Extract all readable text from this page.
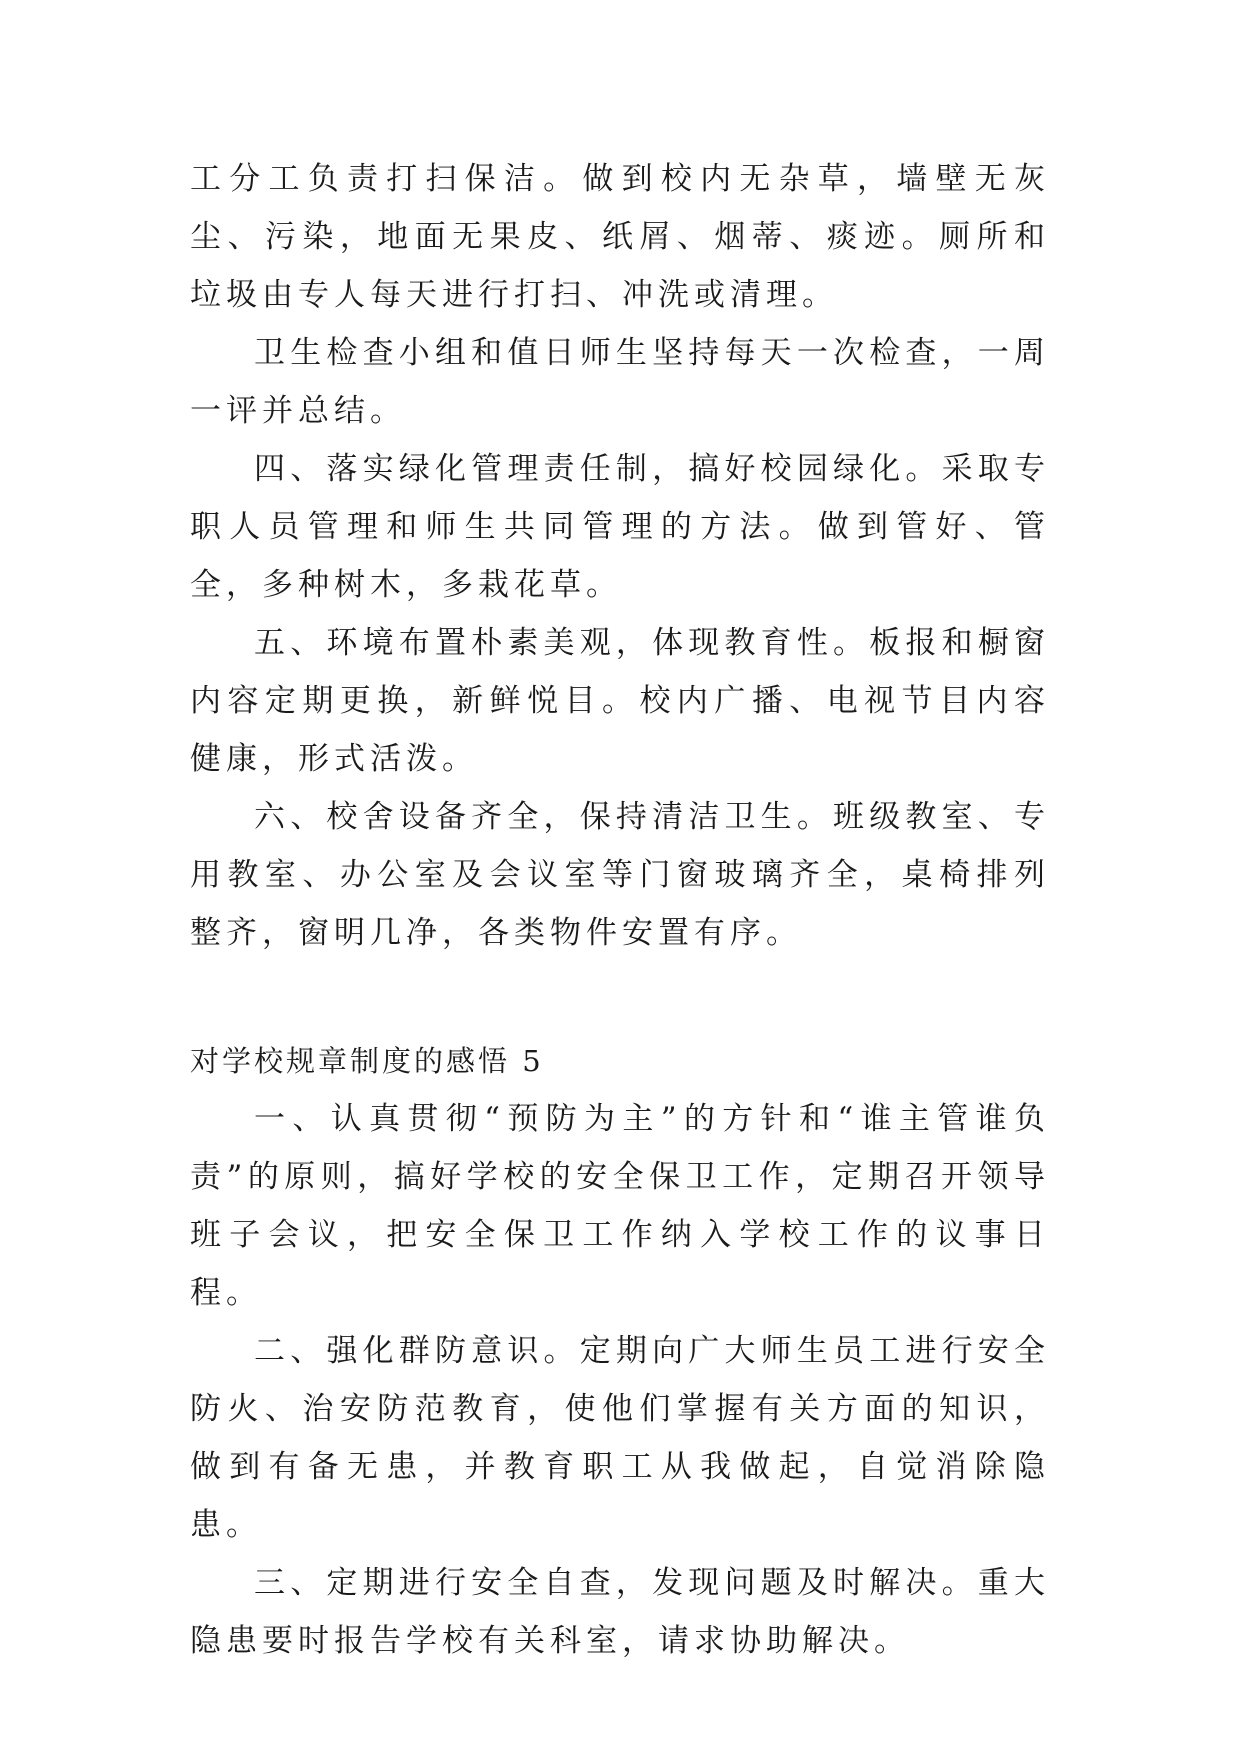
工分工负责打扫保洁。做到校内无杂草，墙壁无灰尘、污染，地面无果皮、纸屑、烟蒂、痰迹。厕所和垃圾由专人每天进行打扫、冲洗或清理。

卫生检查小组和值日师生坚持每天一次检查，一周一评并总结。

四、落实绿化管理责任制，搞好校园绿化。采取专职人员管理和师生共同管理的方法。做到管好、管全，多种树木，多栽花草。

五、环境布置朴素美观，体现教育性。板报和橱窗内容定期更换，新鲜悦目。校内广播、电视节目内容健康，形式活泼。

六、校舍设备齐全，保持清洁卫生。班级教室、专用教室、办公室及会议室等门窗玻璃齐全，桌椅排列整齐，窗明几净，各类物件安置有序。

对学校规章制度的感悟 5

一、认真贯彻“预防为主”的方针和“谁主管谁负责”的原则，搞好学校的安全保卫工作，定期召开领导班子会议，把安全保卫工作纳入学校工作的议事日程。

二、强化群防意识。定期向广大师生员工进行安全防火、治安防范教育，使他们掌握有关方面的知识，做到有备无患，并教育职工从我做起，自觉消除隐患。

三、定期进行安全自查，发现问题及时解决。重大隐患要时报告学校有关科室，请求协助解决。
